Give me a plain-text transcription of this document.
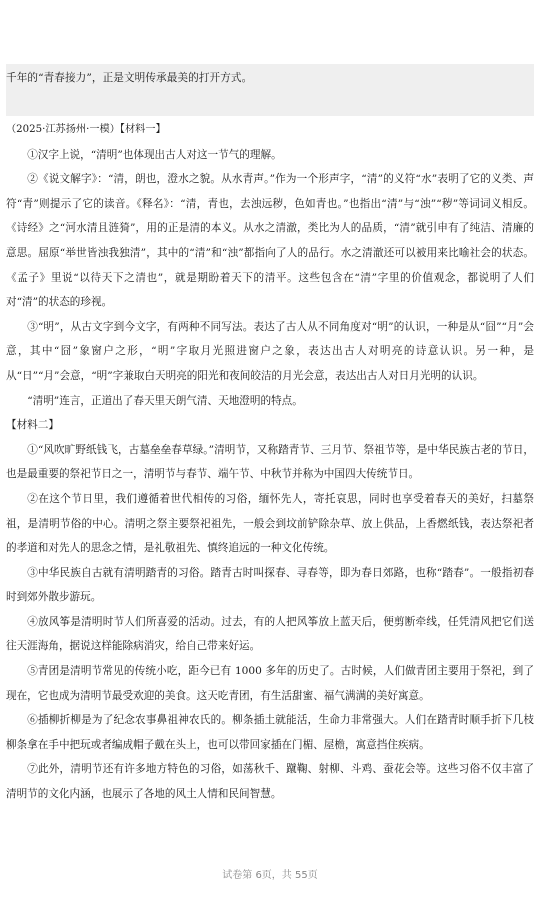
千年的“青春接力”，正是文明传承最美的打开方式。

（2025·江苏扬州·一模）【材料一】

①汉字上说，“清明”也体现出古人对这一节气的理解。

②《说文解字》：“清，朗也，澄水之貌。从水青声。”作为一个形声字，“清”的义符“水”表明了它的义类、声符“青”则提示了它的读音。《释名》：“清，青也，去浊远秽，色如青也。”也指出“清”与“浊”“秽”等词词义相反。《诗经》之“河水清且涟猗”，用的正是清的本义。从水之清澈，类比为人的品质，“清”就引申有了纯洁、清廉的意思。屈原“举世皆浊我独清”，其中的“清”和“浊”都指向了人的品行。水之清澈还可以被用来比喻社会的状态。《孟子》里说“以待天下之清也”，就是期盼着天下的清平。这些包含在“清”字里的价值观念，都说明了人们对“清”的状态的珍视。

③“明”，从古文字到今文字，有两种不同写法。表达了古人从不同角度对“明”的认识，一种是从“囧”“月”会意，其中“囧”象窗户之形，“明”字取月光照进窗户之象，表达出古人对明亮的诗意认识。另一种，是从“日”“月”会意，“明”字兼取白天明亮的阳光和夜间皎洁的月光会意，表达出古人对日月光明的认识。

“清明”连言，正道出了春天里天朗气清、天地澄明的特点。

【材料二】

①“风吹旷野纸钱飞，古墓垒垒春草绿。”清明节，又称踏青节、三月节、祭祖节等，是中华民族古老的节日，也是最重要的祭祀节日之一，清明节与春节、端午节、中秋节并称为中国四大传统节日。

②在这个节日里，我们遵循着世代相传的习俗，缅怀先人，寄托哀思，同时也享受着春天的美好，扫墓祭祖，是清明节俗的中心。清明之祭主要祭祀祖先，一般会到坟前铲除杂草、放上供品，上香燃纸钱，表达祭祀者的孝道和对先人的思念之情，是礼敬祖先、慎终追远的一种文化传统。

③中华民族自古就有清明踏青的习俗。踏青古时叫探春、寻春等，即为春日郊路，也称“踏春”。一般指初春时到郊外散步游玩。

④放风筝是清明时节人们所喜爱的活动。过去，有的人把风筝放上蓝天后，便剪断牵线，任凭清风把它们送往天涯海角，据说这样能除病消灾，给自己带来好运。

⑤青团是清明节常见的传统小吃，距今已有 1000 多年的历史了。古时候，人们做青团主要用于祭祀，到了现在，它也成为清明节最受欢迎的美食。这天吃青团，有生活甜蜜、福气满满的美好寓意。

⑥插柳折柳是为了纪念农事鼻祖神农氏的。柳条插土就能活，生命力非常强大。人们在踏青时顺手折下几枝柳条拿在手中把玩或者编成帽子戴在头上，也可以带回家插在门楣、屋檐，寓意挡住疾病。

⑦此外，清明节还有许多地方特色的习俗，如荡秋千、蹴鞠、射柳、斗鸡、蚕花会等。这些习俗不仅丰富了清明节的文化内涵，也展示了各地的风土人情和民间智慧。

试卷第 6页，共 55页
